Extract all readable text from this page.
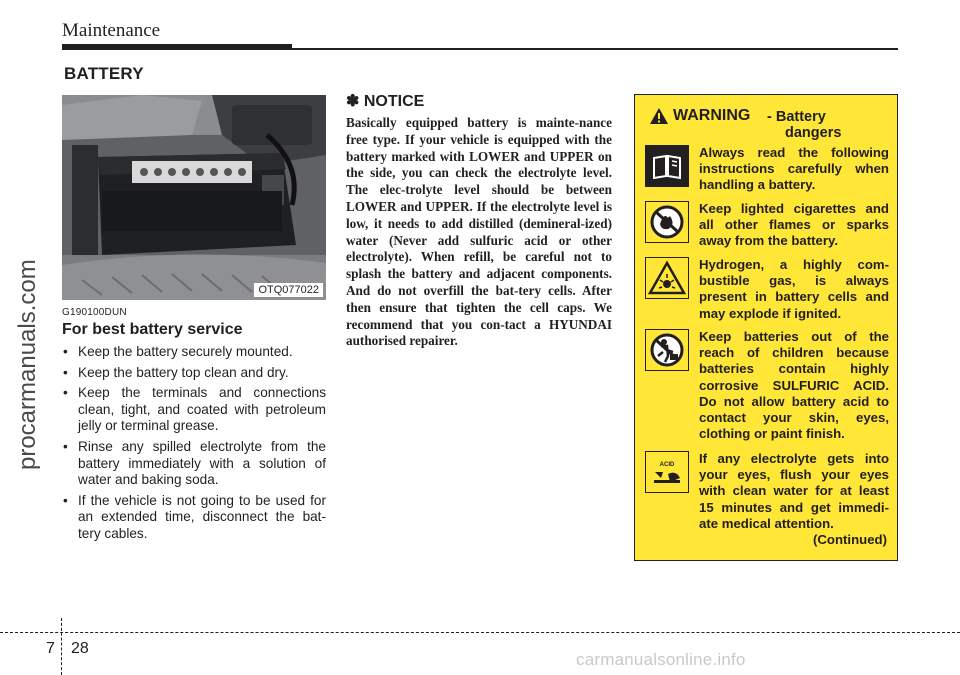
Maintenance
BATTERY
OTQ077022
G190100DUN
For best battery service
• Keep the battery securely mounted.
• Keep the battery top clean and dry.
• Keep the terminals and connections clean, tight, and coated with petroleum jelly or terminal grease.
• Rinse any spilled electrolyte from the battery immediately with a solution of water and baking soda.
• If the vehicle is not going to be used for an extended time, disconnect the bat-tery cables.
✽ NOTICE

Basically equipped battery is mainte-nance free type. If your vehicle is equipped with the battery marked with LOWER and UPPER on the side, you can check the electrolyte level. The elec-trolyte level should be between LOWER and UPPER. If the electrolyte level is low, it needs to add distilled (demineral-ized) water (Never add sulfuric acid or other electrolyte). When refill, be careful not to splash the battery and adjacent components. And do not overfill the bat-tery cells. After then ensure that tighten the cell caps. We recommend that you con-tact a HYUNDAI authorised repairer.

WARNING - Battery
dangers

Always read the following instructions carefully when handling a battery.

Keep lighted cigarettes and all other flames or sparks away from the battery.

Hydrogen, a highly com-bustible gas, is always present in battery cells and may explode if ignited.

Keep batteries out of the reach of children because batteries contain highly corrosive SULFURIC ACID. Do not allow battery acid to contact your skin, eyes, clothing or paint finish.

ACID If any electrolyte gets into your eyes, flush your eyes with clean water for at least 15 minutes and get immedi-ate medical attention.

(Continued)
7 28
procarmanuals.com
carmanualsonline.info
